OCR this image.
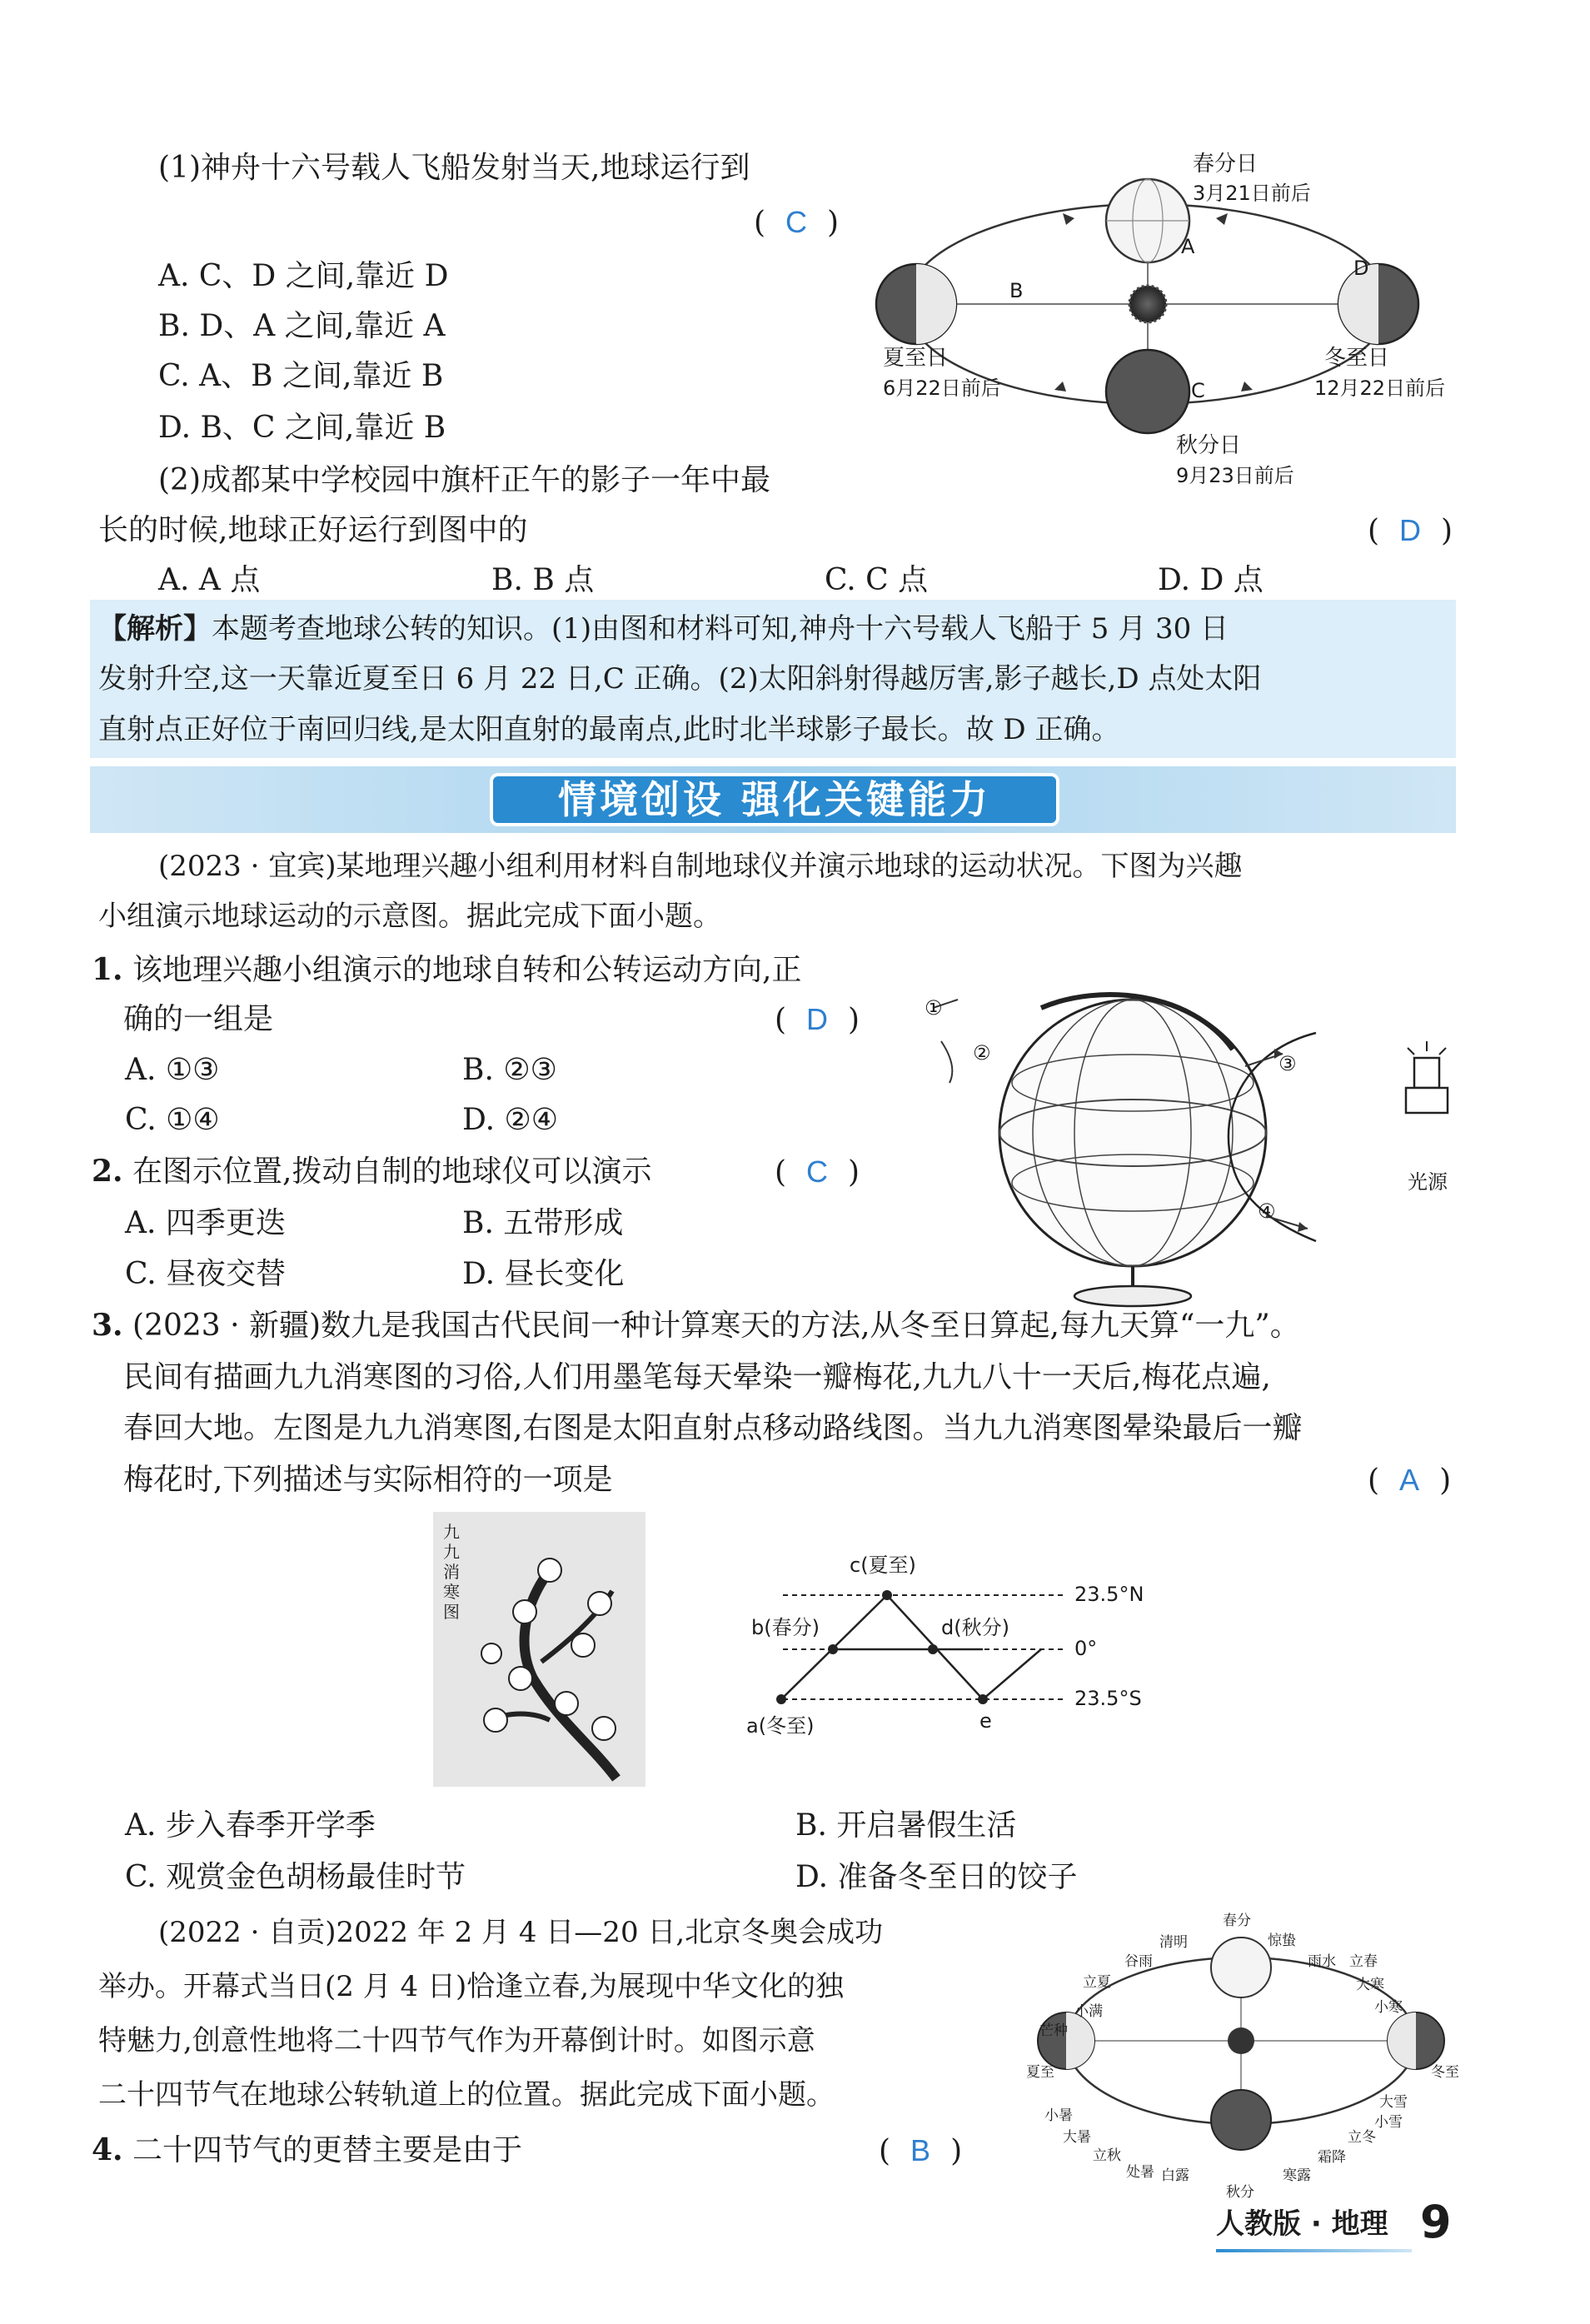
(1)神舟十六号载人飞船发射当天,地球运行到
( C )
A. C、D 之间,靠近 D
B. D、A 之间,靠近 A
C. A、B 之间,靠近 B
D. B、C 之间,靠近 B
(2)成都某中学校园中旗杆正午的影子一年中最
长的时候,地球正好运行到图中的	( D )
A. A 点	B. B 点	C. C 点	D. D 点
春分日
3月21日前后
夏至日
6月22日前后
冬至日
12月22日前后
秋分日
9月23日前后
A
B
C
D
【解析】本题考查地球公转的知识。(1)由图和材料可知,神舟十六号载人飞船于 5 月 30 日
发射升空,这一天靠近夏至日 6 月 22 日,C 正确。(2)太阳斜射得越厉害,影子越长,D 点处太阳
直射点正好位于南回归线,是太阳直射的最南点,此时北半球影子最长。故 D 正确。
情境创设 强化关键能力
(2023 · 宜宾)某地理兴趣小组利用材料自制地球仪并演示地球的运动状况。下图为兴趣
小组演示地球运动的示意图。据此完成下面小题。
1. 该地理兴趣小组演示的地球自转和公转运动方向,正
确的一组是	( D )
A. ①③	B. ②③
C. ①④	D. ②④
2. 在图示位置,拨动自制的地球仪可以演示	( C )
A. 四季更迭	B. 五带形成
C. 昼夜交替	D. 昼长变化
①
②	③
④
光源
3. (2023 · 新疆)数九是我国古代民间一种计算寒天的方法,从冬至日算起,每九天算“一九”。
民间有描画九九消寒图的习俗,人们用墨笔每天晕染一瓣梅花,九九八十一天后,梅花点遍,
春回大地。左图是九九消寒图,右图是太阳直射点移动路线图。当九九消寒图晕染最后一瓣
梅花时,下列描述与实际相符的一项是	( A )
九
九
消
寒
图
c(夏至)
b(春分)	d(秋分)
a(冬至)	e
23.5°N
0°
23.5°S
A. 步入春季开学季	B. 开启暑假生活
C. 观赏金色胡杨最佳时节	D. 准备冬至日的饺子
(2022 · 自贡)2022 年 2 月 4 日—20 日,北京冬奥会成功
举办。开幕式当日(2 月 4 日)恰逢立春,为展现中华文化的独
特魅力,创意性地将二十四节气作为开幕倒计时。如图示意
二十四节气在地球公转轨道上的位置。据此完成下面小题。
4. 二十四节气的更替主要是由于	( B )
春分
清明
谷雨
立夏
惊蛰
雨水 立春
大寒
小寒
冬至
小满
芒种
夏至
小暑
大暑
立秋
处暑 白露
秋分
寒露
霜降
立冬
小雪
大雪
人教版 · 地理 9
